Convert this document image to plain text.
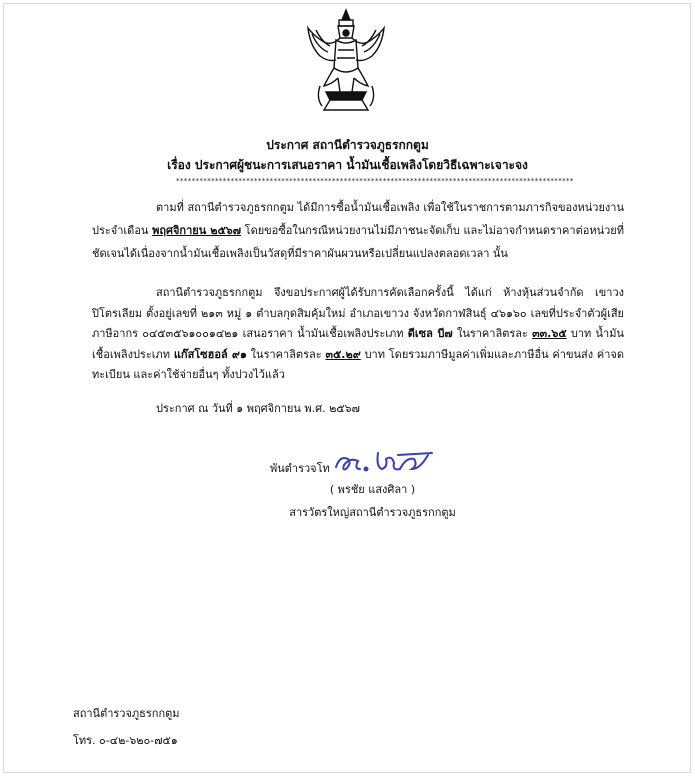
ประกาศ สถานีตำรวจภูธรกกตูม
เรื่อง ประกาศผู้ชนะการเสนอราคา น้ำมันเชื้อเพลิงโดยวิธีเฉพาะเจาะจง
******************************************************************************************************
ตามที่ สถานีตำรวจภูธรกกตูม ได้มีการซื้อน้ำมันเชื้อเพลิง เพื่อใช้ในราชการตามภารกิจของหน่วยงาน ประจำเดือน พฤศจิกายน ๒๕๖๗ โดยขอซื้อในกรณีหน่วยงานไม่มีภาชนะจัดเก็บ และไม่อาจกำหนดราคาต่อหน่วยที่ชัดเจนได้เนื่องจากน้ำมันเชื้อเพลิงเป็นวัสดุที่มีราคาผันผวนหรือเปลี่ยนแปลงตลอดเวลา นั้น
สถานีตำรวจภูธรกกตูม จึงขอประกาศผู้ได้รับการคัดเลือกครั้งนี้ ได้แก่ ห้างหุ้นส่วนจำกัด เขาวงปิโตรเลียม ตั้งอยู่เลขที่ ๒๑๓ หมู่ ๑ ตำบลกุดสิมคุ้มใหม่ อำเภอเขาวง จังหวัดกาฬสินธุ์ ๔๖๑๖๐ เลขที่ประจำตัวผู้เสียภาษีอากร ๐๔๕๓๕๖๑๐๐๑๔๒๑ เสนอราคา น้ำมันเชื้อเพลิงประเภท ดีเซล บี๗ ในราคาลิตรละ ๓๓.๖๕ บาท น้ำมันเชื้อเพลิงประเภท แก๊สโซฮอล์ ๙๑ ในราคาลิตรละ ๓๕.๒๙ บาท โดยรวมภาษีมูลค่าเพิ่มและภาษีอื่น ค่าขนส่ง ค่าจดทะเบียน และค่าใช้จ่ายอื่นๆ ทั้งปวงไว้แล้ว
ประกาศ ณ วันที่ ๑ พฤศจิกายน พ.ศ. ๒๕๖๗
พันตำรวจโท
( พรชัย แสงศิลา )
สารวัตรใหญ่สถานีตำรวจภูธรกกตูม
สถานีตำรวจภูธรกกตูม
โทร. ๐-๔๒-๖๒๐-๗๕๑
